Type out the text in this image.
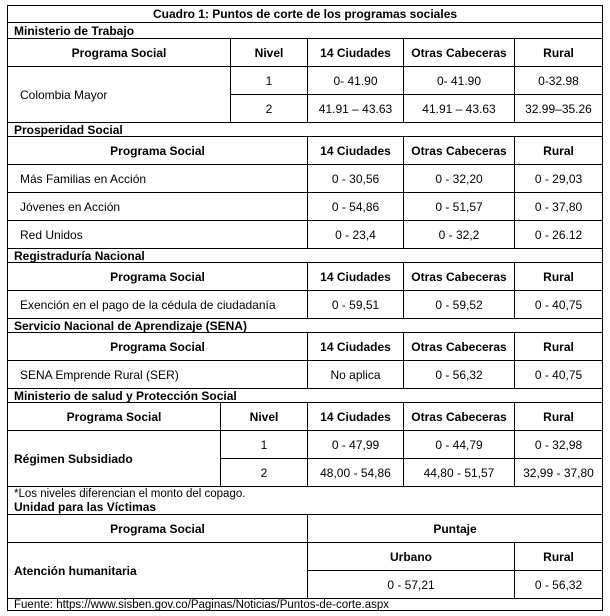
Cuadro 1: Puntos de corte de los programas sociales
Ministerio de Trabajo
Programa Social	Nivel	14 Ciudades	Otras Cabeceras	Rural
Colombia Mayor
1	0- 41.90	0- 41.90	0-32.98
2	41.91 – 43.63	41.91 – 43.63	32.99–35.26
Prosperidad Social
Programa Social	14 Ciudades	Otras Cabeceras	Rural
Más Familias en Acción	0 - 30,56	0 - 32,20	0 - 29,03
Jóvenes en Acción	0 - 54,86	0 - 51,57	0 - 37,80
Red Unidos	0 - 23,4	0 - 32,2	0 - 26.12
Registraduría Nacional
Programa Social	14 Ciudades	Otras Cabeceras	Rural
Exención en el pago de la cédula de ciudadanía	0 - 59,51	0 - 59,52	0 - 40,75
Servicio Nacional de Aprendizaje (SENA)
Programa Social	14 Ciudades	Otras Cabeceras	Rural
SENA Emprende Rural (SER)	No aplica	0 - 56,32	0 - 40,75
Ministerio de salud y Protección Social
Programa Social	Nivel	14 Ciudades	Otras Cabeceras	Rural
Régimen Subsidiado
1	0 - 47,99	0 - 44,79	0 - 32,98
2	48,00 - 54,86	44,80 - 51,57	32,99 - 37,80
*Los niveles diferencian el monto del copago.
Unidad para las Víctimas
Programa Social	Puntaje
Atención humanitaria
Urbano	Rural
0 - 57,21	0 - 56,32
Fuente: https://www.sisben.gov.co/Paginas/Noticias/Puntos-de-corte.aspx
